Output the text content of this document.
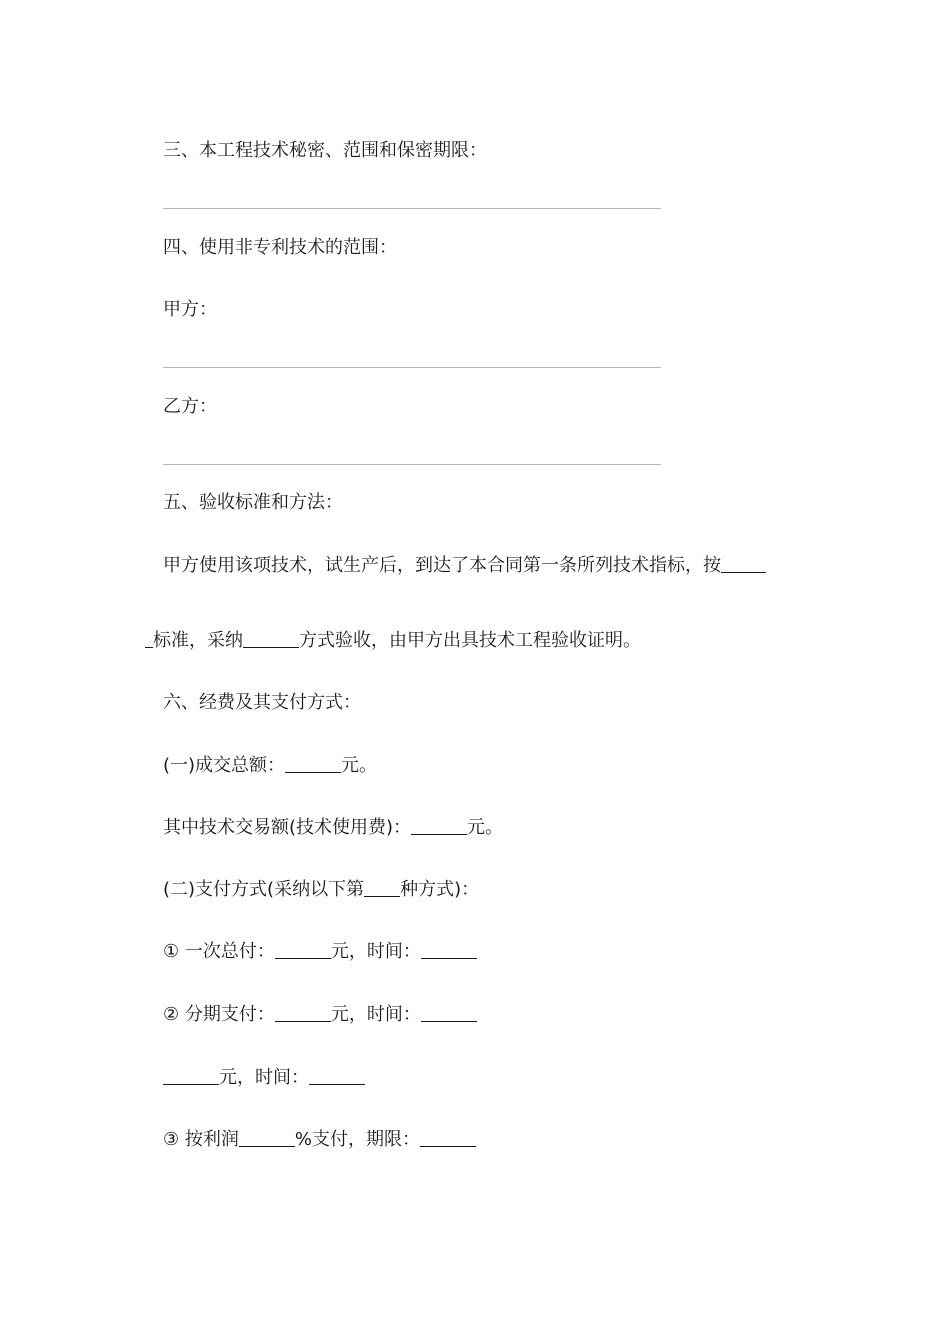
三、本工程技术秘密、范围和保密期限：
四、使用非专利技术的范围：
甲方：
乙方：
五、验收标准和方法：
甲方使用该项技术，试生产后，到达了本合同第一条所列技术指标，按
标准，采纳	方式验收，由甲方出具技术工程验收证明。
六、经费及其支付方式：
(一)成交总额：	元。
其中技术交易额(技术使用费)：	元。
(二)支付方式(采纳以下第 种方式)：
① 一次总付：	元，时间：
② 分期支付：	元，时间：
元，时间：
③ 按利润	%支付，期限：
